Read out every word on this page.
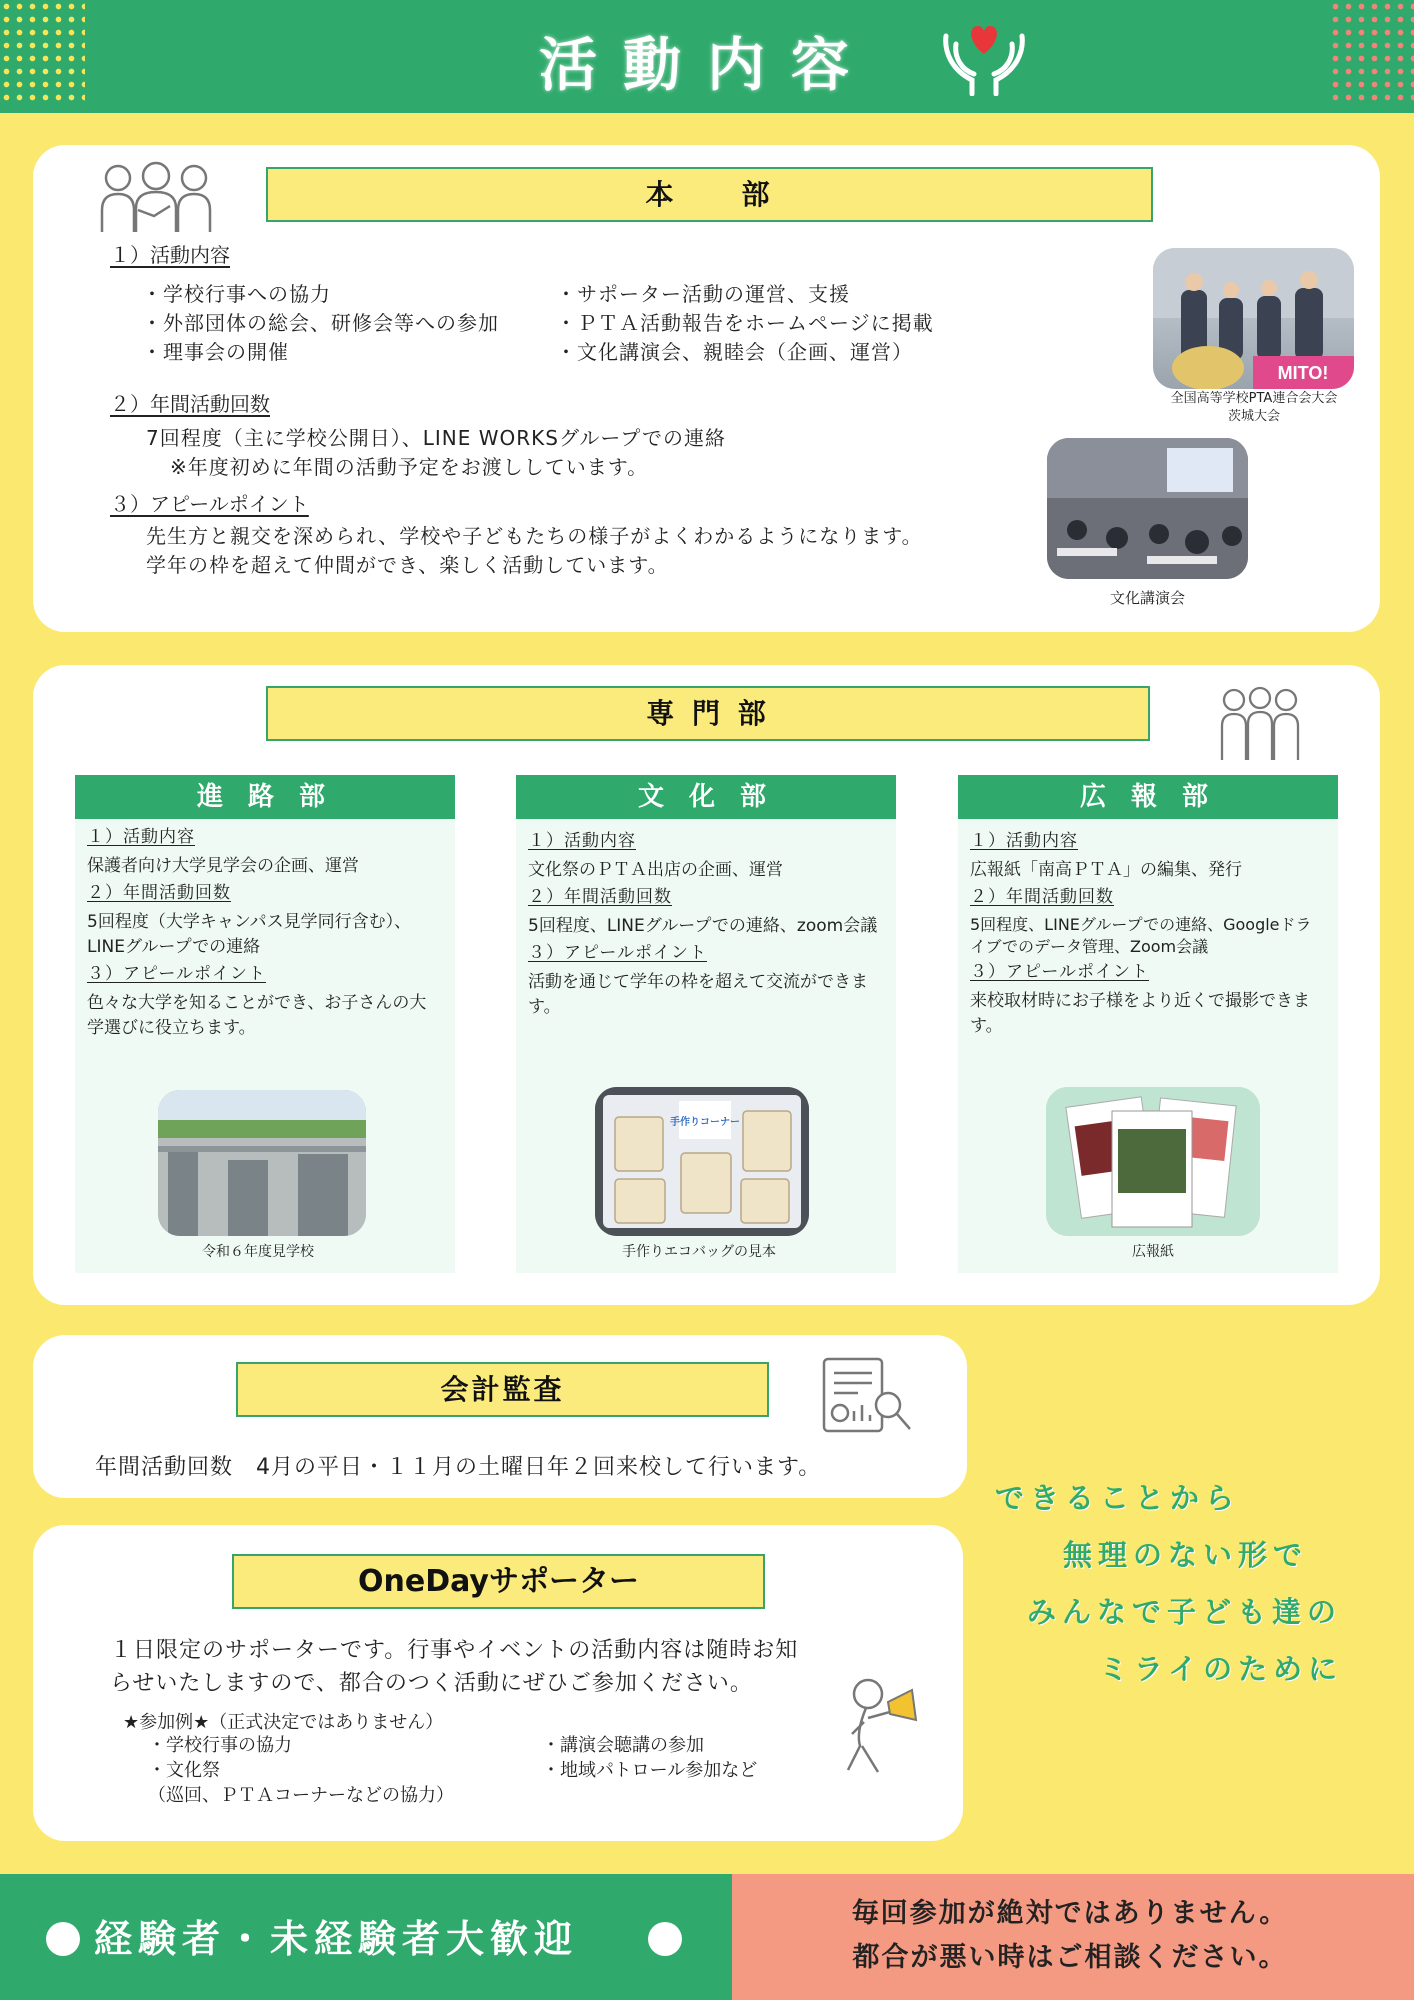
活動内容
本　　部
１）活動内容
・学校行事への協力
・外部団体の総会、研修会等への参加
・理事会の開催
・サポーター活動の運営、支援
・ＰＴＡ活動報告をホームページに掲載
・文化講演会、親睦会（企画、運営）
２）年間活動回数
7回程度（主に学校公開日）、LINE WORKSグループでの連絡
※年度初めに年間の活動予定をお渡ししています。
３）アピールポイント
先生方と親交を深められ、学校や子どもたちの様子がよくわかるようになります。
学年の枠を超えて仲間ができ、楽しく活動しています。
MITO!
全国高等学校PTA連合会大会
茨城大会
文化講演会
専 門 部
進 路 部
１）活動内容
保護者向け大学見学会の企画、運営
２）年間活動回数
5回程度（大学キャンパス見学同行含む）、LINEグループでの連絡
３）アピールポイント
色々な大学を知ることができ、お子さんの大学選びに役立ちます。
令和６年度見学校
文 化 部
１）活動内容
文化祭のＰＴＡ出店の企画、運営
２）年間活動回数
5回程度、LINEグループでの連絡、zoom会議
３）アピールポイント
活動を通じて学年の枠を超えて交流ができます。
手作りコーナー
手作りエコバッグの見本
広 報 部
１）活動内容
広報紙「南高ＰＴＡ」の編集、発行
２）年間活動回数
5回程度、LINEグループでの連絡、Googleドライブでのデータ管理、Zoom会議
３）アピールポイント
来校取材時にお子様をより近くで撮影できます。
広報紙
会計監査
年間活動回数　4月の平日・１１月の土曜日年２回来校して行います。
OneDayサポーター
１日限定のサポーターです。行事やイベントの活動内容は随時お知
らせいたしますので、都合のつく活動にぜひご参加ください。
★参加例★（正式決定ではありません）
・学校行事の協力
・文化祭
（巡回、ＰＴＡコーナーなどの協力）
・講演会聴講の参加
・地域パトロール参加など
できることから
無理のない形で
みんなで子ども達の
ミライのために
経験者・未経験者大歓迎
毎回参加が絶対ではありません。
都合が悪い時はご相談ください。
